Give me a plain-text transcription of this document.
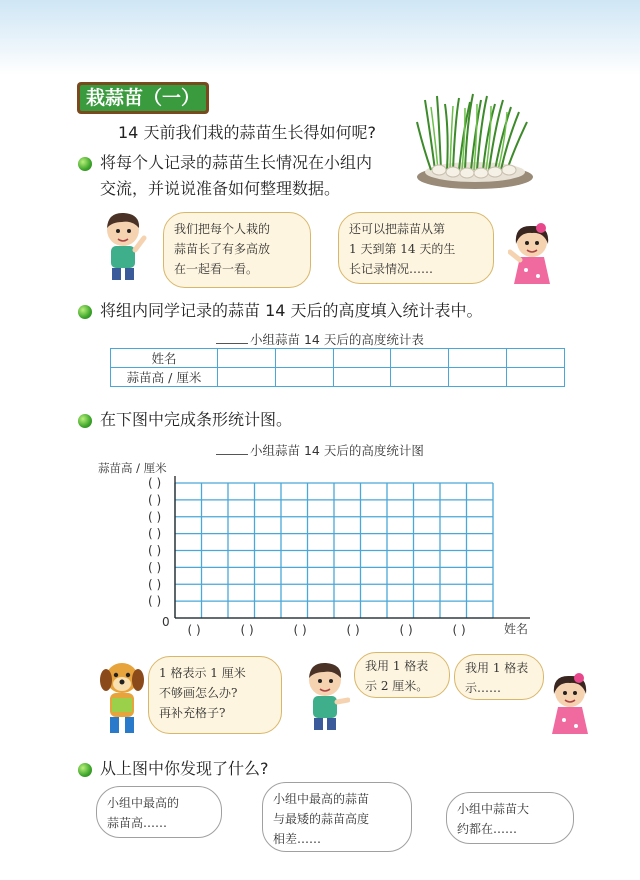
栽蒜苗（一）
14 天前我们栽的蒜苗生长得如何呢?
将每个人记录的蒜苗生长情况在小组内
交流，并说说准备如何整理数据。
我们把每个人栽的
蒜苗长了有多高放
在一起看一看。
还可以把蒜苗从第
1 天到第 14 天的生
长记录情况……
将组内同学记录的蒜苗 14 天后的高度填入统计表中。
小组蒜苗 14 天后的高度统计表
姓名						
蒜苗高 / 厘米						
在下图中完成条形统计图。
小组蒜苗 14 天后的高度统计图
蒜苗高 / 厘米
0
( )
( )
( )
( )
( )
( )
( )
( )
( )	( )	( )	( )	( )	( )	姓名
1 格表示 1 厘米
不够画怎么办?
再补充格子?
我用 1 格表
示 2 厘米。
我用 1 格表
示……
从上图中你发现了什么?
小组中最高的
蒜苗高……
小组中最高的蒜苗
与最矮的蒜苗高度
相差……
小组中蒜苗大
约都在……
